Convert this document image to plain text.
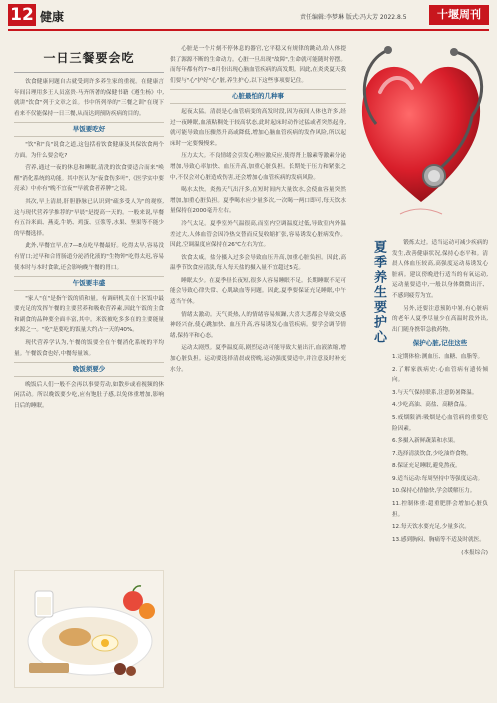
12 健康	责任编辑:李梦琳 版式:冯大芳 2022.8.5	十堰周刊
一日三餐要会吃

饮食健康问题自古就受到许多养生家的重视。在健康言年间吕理用多王人员富贵·马齐所著的保健书籍《遵生杨》中,就讲"饮食"列于文章之首。书中所列举的"三餐之训"在现下看来不仅能保持一日三餐,从而达到预防疾病的目的。

早饭要吃好

"饮"和"良"说食之道,这包括看饮食健康及其保饮食两个方面。为什么要会吃?

营养,通过一夜的休息和睡眠,清洗的饮食要适合而来"唤醒"消化系统的功能。其中医认为"夜食伤多叶",《医学实中要亮录》中亦有"晚不宜夜""早就食者养脾"之说。

其次,早上清晨,肝胆静脉已认识到"疏多受人为"的观察,这与现代营养学推荐的"早晨"是提高一天的。一般来说,早餐有五谷米面、燕麦,牛奶、鸡蛋、豆浆等,水果、坚果等不能少的早餐选择。

此外,早餐宜早,在7—8点吃早餐最好。吃得太早,容易没有胃口;过早和合胃肠道分泌消化液的"生物钟"吃得太迟,容易使本时与本时食欲,还会影响晚午餐的胃口。

午饭要丰盛

"家人"在"是指午饭的质和量。有调研机关在十区饭中最要充足的发挥午餐的主要营养和吸收营养素,因此午饭的主食和副食的品种要全面丰富,其中。米饭被吃多多在的主要能量来源之一。"吃"是要吃的饭量大约占一天的40%。

现代营养学认为,午餐的饭要全在午餐消化系统的平均量。午餐饭食也好,中餐每量该。

晚饭须要少

晚饭后人们一般不会再以事要劳动,如散步或看视频的休闲活动。所以晚饭要少吃,应有饱肚子感,以免体重增加,影响日后的睡眠。

心脏是一个片刻不停休息的器官,它平稳又有规律的跳动,给人体提供了源源不断的生命动力。心脏一旦出现"故障",生命就可能随时停摆。而每年都有约7~8月份出现心脑血管疾病的高发期。因此,在炎炎夏天我们要与"心"护好"心"脏,养生护心,以下这些事项要记住。

心脏最怕的几种事

起夜太猛。清晨是心血管病变的高发时段,因为夜间人体也许多,经过一夜睡眠,血液粘稠处于较高状态,此时起床时动作过猛或者突然起身,就可能导致血压骤然升高或降低,增加心脑血管疾病的发作风险,所以起床时一定要慢慢来。

压力太大。不良情绪会引发心理应激反应,使得肾上腺素等激素分泌增加,导致心率加快、血压升高,加重心脏负担。长期处于压力和紧张之中,不仅会对心脏造成伤害,还会增加心血管疾病的发病风险。

喝水太快。炎热天气出汗多,在短时间内大量饮水,会使血容量突然增加,加重心脏负担。夏季喝水应少量多次,一次喝一两口即可,每天饮水量保持在2000毫升左右。

冷气太足。夏季室外气温很高,而室内空调温度过低,导致室内外温差过大,人体血管会因冷热交替而反复收缩扩张,容易诱发心脏病发作。因此,空调温度应保持在26℃左右为宜。

饮食太咸。盐分摄入过多会导致血压升高,加重心脏负担。因此,高温季节饮食应清淡,每人每天盐的摄入量不宜超过5克。

睡眠太少。在夏季昼长夜短,很多人容易睡眠不足。长期睡眠不足可能会导致心律失常、心肌缺血等问题。因此,夏季要保证充足睡眠,中午适当午休。

情绪太激动。天气炎热,人的情绪容易烦躁,大喜大悲都会导致交感神经兴奋,使心跳加快、血压升高,容易诱发心血管疾病。要学会调节情绪,保持平和心态。

运动太剧烈。夏季温度高,剧烈运动可能导致大量出汗,血液浓缩,增加心脏负担。运动要选择清晨或傍晚,运动强度要适中,并注意及时补充水分。

夏季养生要护心	锻炼太过。适当运动可减少疾病的发生,改善健康状况,保持心态平和。清晨人体血压较高,高强度运动易诱发心脏病。建议傍晚进行适当的有氧运动,运动量要适中,一般以身体微微出汗、不感到疲劳为宜。

另外,还要注意预防中暑,有心脏病的老年人夏季尽量少在高温时段外出,出门随身携带急救药物。

保护心脏,记住这些

1.定期体检:测血压、血糖、血脂等。

2.了解家族病史:心血管病有遗传倾向。

3.与天气保持联系,注意防暑降温。

4.少吃高油、高盐、高糖食品。

5.戒烟限酒:吸烟是心血管病的重要危险因素。

6.多摄入新鲜蔬菜和水果。

7.选择清淡饮食,少吃油炸食物。

8.保证充足睡眠,避免熬夜。

9.适当运动:每周坚持中等强度运动。

10.保持心情愉快,学会缓解压力。

11.控制体重:超重肥胖会增加心脏负担。

12.每天饮水要充足,少量多次。

13.感到胸闷、胸痛等不适及时就医。

(本报综合)
